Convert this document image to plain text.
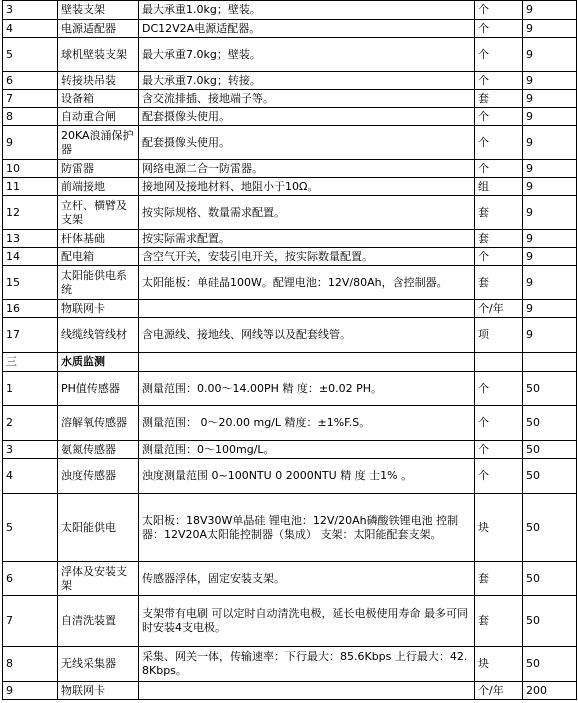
3	壁装支架	最大承重1.0kg；壁装。	个	9
4	电源适配器	DC12V2A电源适配器。	个	9
5	球机壁装支架	最大承重7.0kg；壁装。	个	9
6	转接块吊装	最大承重7.0kg；转接。	个	9
7	设备箱	含交流排插、接地端子等。	套	9
8	自动重合闸	配套摄像头使用。	个	9
9	20KA浪涌保护器	配套摄像头使用。	个	9
10	防雷器	网络电源二合一防雷器。	个	9
11	前端接地	接地网及接地材料、地阻小于10Ω。	组	9
12	立杆、横臂及支架	按实际规格、数量需求配置。	套	9
13	杆体基础	按实际需求配置。	套	9
14	配电箱	含空气开关，安装引电开关，按实际数量配置。	个	9
15	太阳能供电系统	太阳能板：单硅晶100W。配锂电池：12V/80Ah，含控制器。	套	9
16	物联网卡		个/年	9
17	线缆线管线材	含电源线、接地线、网线等以及配套线管。	项	9
三	水质监测			
1	PH值传感器	测量范围：0.00～14.00PH 精 度：±0.02 PH。	个	50
2	溶解氧传感器	测量范围： 0～20.00 mg/L 精度：±1%F.S。	个	50
3	氨氮传感器	测量范围：0～100mg/L。	个	50
4	浊度传感器	浊度测量范围 0~100NTU 0 2000NTU 精 度 士1% 。	个	50
5	太阳能供电	太阳板：18V30W单晶硅 锂电池：12V/20Ah磷酸铁锂电池 控制器：12V20A太阳能控制器（集成） 支架：太阳能配套支架。	块	50
6	浮体及安装支架	传感器浮体，固定安装支架。	套	50
7	自清洗装置	支架带有电刷 可以定时自动清洗电极，延长电极使用寿命 最多可同时安装4支电极。	套	50
8	无线采集器	采集、网关一体，传输速率：下行最大：85.6Kbps 上行最大：42.8Kbps。	块	50
9	物联网卡		个/年	200
